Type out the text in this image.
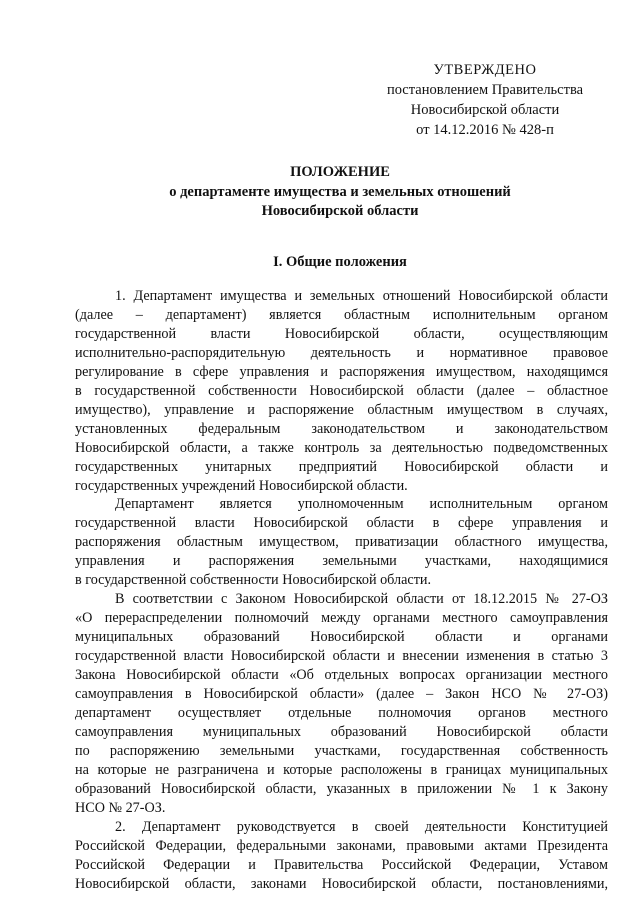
УТВЕРЖДЕНО
постановлением Правительства
Новосибирской области
от 14.12.2016 № 428-п
ПОЛОЖЕНИЕ
о департаменте имущества и земельных отношений
Новосибирской области
I. Общие положения
1. Департамент имущества и земельных отношений Новосибирской области
(далее – департамент) является областным исполнительным органом
государственной власти Новосибирской области, осуществляющим
исполнительно-распорядительную деятельность и нормативное правовое
регулирование в сфере управления и распоряжения имуществом, находящимся
в государственной собственности Новосибирской области (далее – областное
имущество), управление и распоряжение областным имуществом в случаях,
установленных федеральным законодательством и законодательством
Новосибирской области, а также контроль за деятельностью подведомственных
государственных унитарных предприятий Новосибирской области и
государственных учреждений Новосибирской области.
Департамент является уполномоченным исполнительным органом
государственной власти Новосибирской области в сфере управления и
распоряжения областным имуществом, приватизации областного имущества,
управления и распоряжения земельными участками, находящимися
в государственной собственности Новосибирской области.
В соответствии с Законом Новосибирской области от 18.12.2015 № 27-ОЗ
«О перераспределении полномочий между органами местного самоуправления
муниципальных образований Новосибирской области и органами
государственной власти Новосибирской области и внесении изменения в статью 3
Закона Новосибирской области «Об отдельных вопросах организации местного
самоуправления в Новосибирской области» (далее – Закон НСО № 27-ОЗ)
департамент осуществляет отдельные полномочия органов местного
самоуправления муниципальных образований Новосибирской области
по распоряжению земельными участками, государственная собственность
на которые не разграничена и которые расположены в границах муниципальных
образований Новосибирской области, указанных в приложении № 1 к Закону
НСО № 27-ОЗ.
2. Департамент руководствуется в своей деятельности Конституцией
Российской Федерации, федеральными законами, правовыми актами Президента
Российской Федерации и Правительства Российской Федерации, Уставом
Новосибирской области, законами Новосибирской области, постановлениями,
